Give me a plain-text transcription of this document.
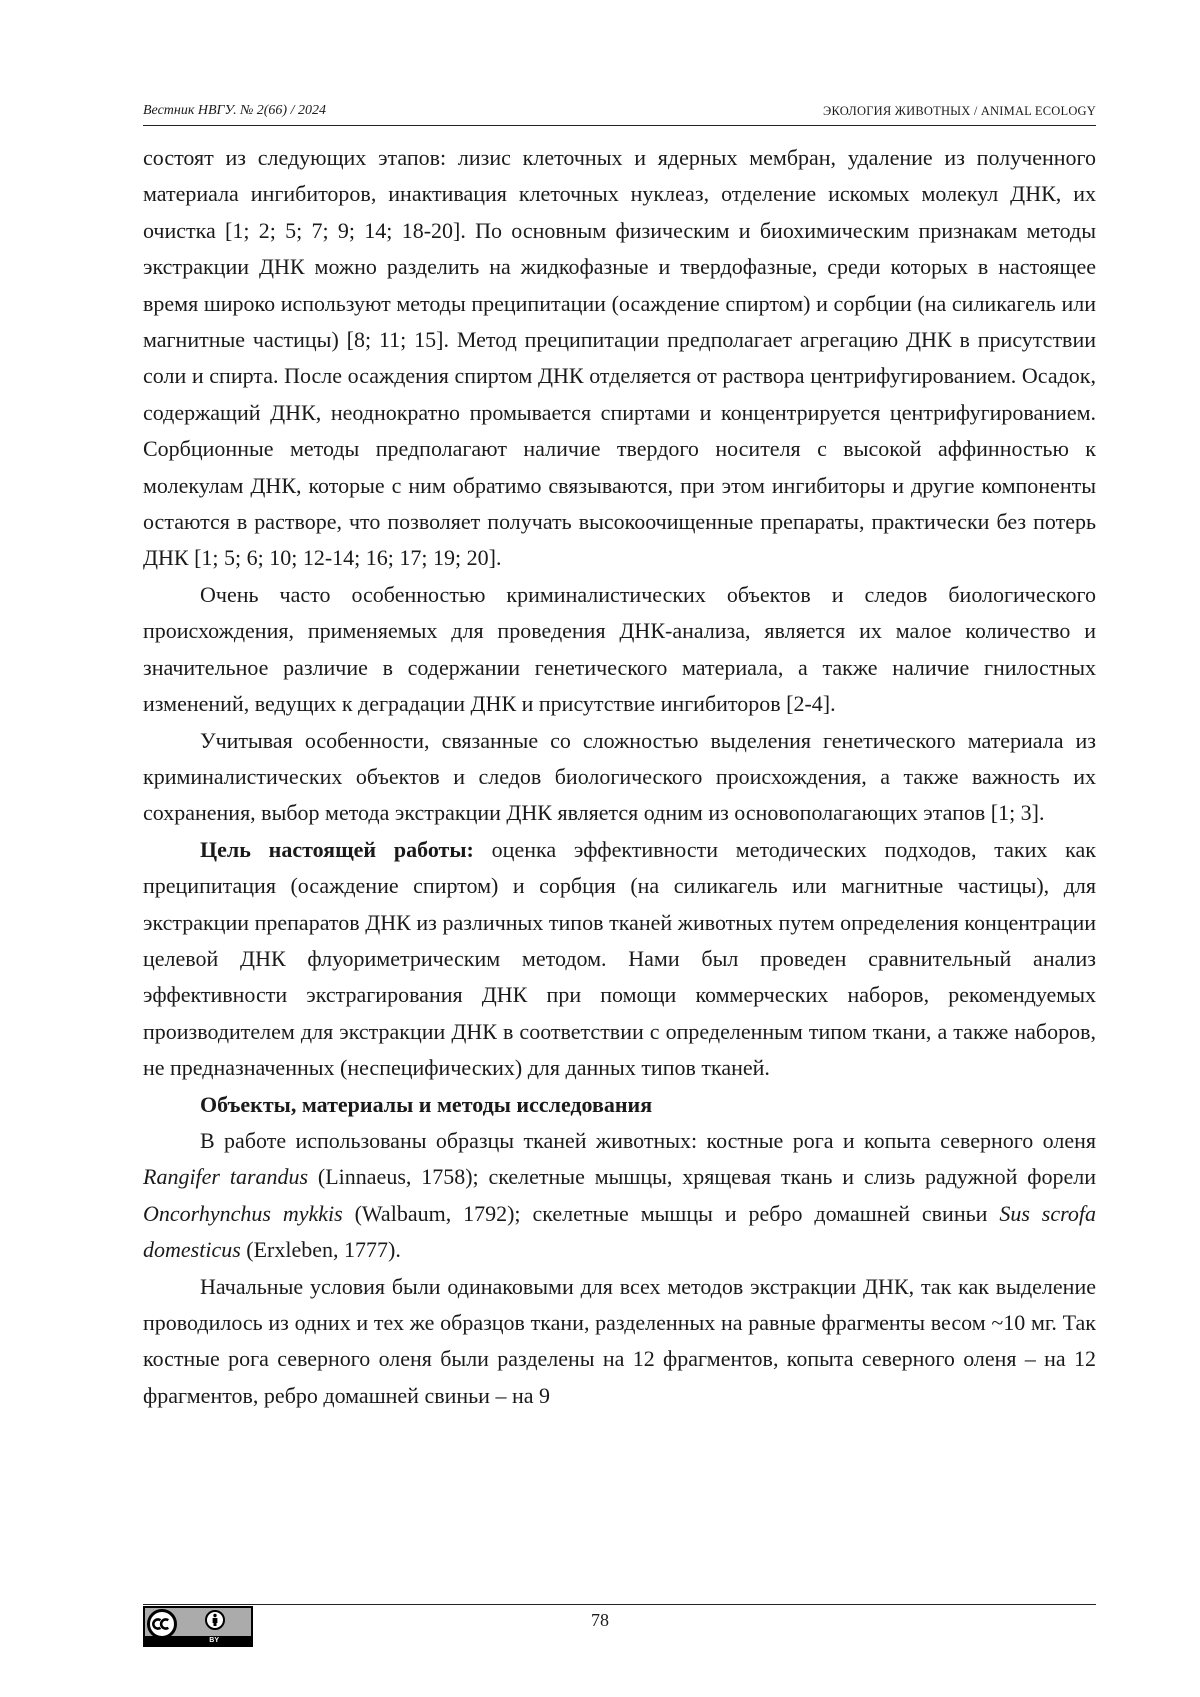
Вестник НВГУ. № 2(66) / 2024	ЭКОЛОГИЯ ЖИВОТНЫХ / ANIMAL ECOLOGY

состоят из следующих этапов: лизис клеточных и ядерных мембран, удаление из полученного материала ингибиторов, инактивация клеточных нуклеаз, отделение искомых молекул ДНК, их очистка [1; 2; 5; 7; 9; 14; 18-20]. По основным физическим и биохимическим признакам методы экстракции ДНК можно разделить на жидкофазные и твердофазные, среди которых в настоящее время широко используют методы преципитации (осаждение спиртом) и сорбции (на силикагель или магнитные частицы) [8; 11; 15]. Метод преципитации предполагает агрегацию ДНК в присутствии соли и спирта. После осаждения спиртом ДНК отделяется от раствора центрифугированием. Осадок, содержащий ДНК, неоднократно промывается спиртами и концентрируется центрифугированием. Сорбционные методы предполагают наличие твердого носителя с высокой аффинностью к молекулам ДНК, которые с ним обратимо связываются, при этом ингибиторы и другие компоненты остаются в растворе, что позволяет получать высокоочищенные препараты, практически без потерь ДНК [1; 5; 6; 10; 12-14; 16; 17; 19; 20].

Очень часто особенностью криминалистических объектов и следов биологического происхождения, применяемых для проведения ДНК-анализа, является их малое количество и значительное различие в содержании генетического материала, а также наличие гнилостных изменений, ведущих к деградации ДНК и присутствие ингибиторов [2-4].

Учитывая особенности, связанные со сложностью выделения генетического материала из криминалистических объектов и следов биологического происхождения, а также важность их сохранения, выбор метода экстракции ДНК является одним из основополагающих этапов [1; 3].

Цель настоящей работы: оценка эффективности методических подходов, таких как преципитация (осаждение спиртом) и сорбция (на силикагель или магнитные частицы), для экстракции препаратов ДНК из различных типов тканей животных путем определения концентрации целевой ДНК флуориметрическим методом. Нами был проведен сравнительный анализ эффективности экстрагирования ДНК при помощи коммерческих наборов, рекомендуемых производителем для экстракции ДНК в соответствии с определенным типом ткани, а также наборов, не предназначенных (неспецифических) для данных типов тканей.

Объекты, материалы и методы исследования

В работе использованы образцы тканей животных: костные рога и копыта северного оленя Rangifer tarandus (Linnaeus, 1758); скелетные мышцы, хрящевая ткань и слизь радужной форели Oncorhynchus mykkis (Walbaum, 1792); скелетные мышцы и ребро домашней свиньи Sus scrofa domesticus (Erxleben, 1777).

Начальные условия были одинаковыми для всех методов экстракции ДНК, так как выделение проводилось из одних и тех же образцов ткани, разделенных на равные фрагменты весом ~10 мг. Так костные рога северного оленя были разделены на 12 фрагментов, копыта северного оленя – на 12 фрагментов, ребро домашней свиньи – на 9

BY
78
